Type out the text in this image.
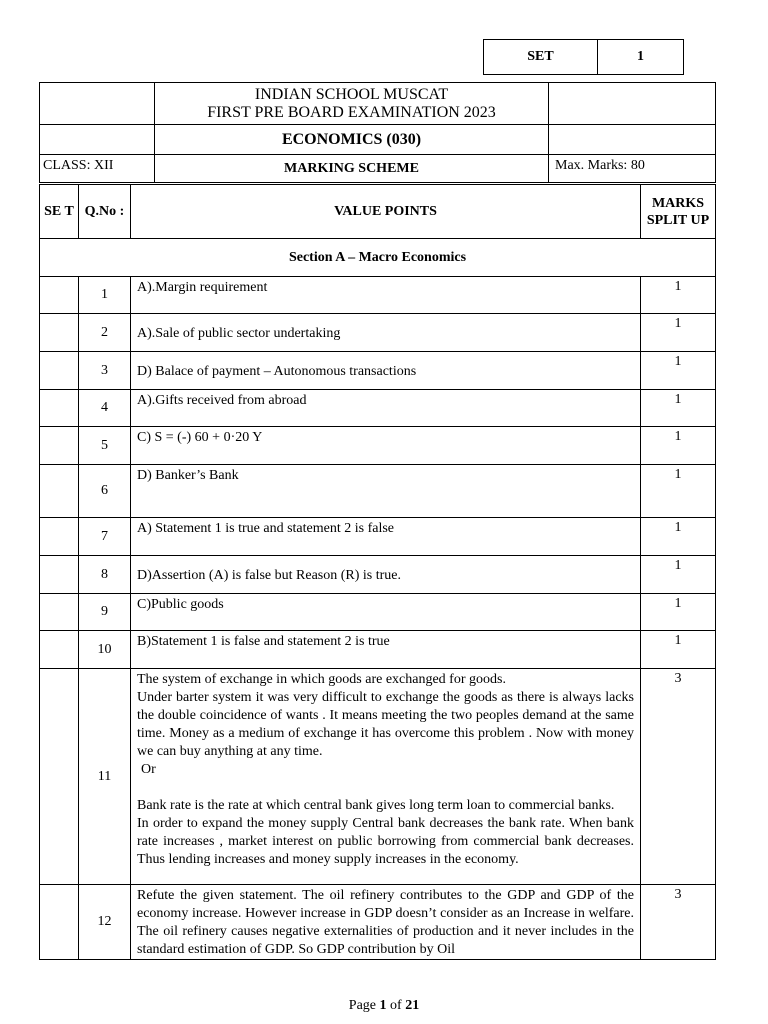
SET	1

	INDIAN SCHOOL MUSCAT
FIRST PRE BOARD EXAMINATION 2023	

	ECONOMICS (030)	
CLASS: XII	MARKING SCHEME	Max. Marks: 80
SE T	Q.No :	VALUE POINTS	MARKS SPLIT UP
Section A – Macro Economics			
	1	A).Margin requirement	1
	2	A).Sale of public sector undertaking	1
	3	D) Balace of payment – Autonomous transactions	1
	4	A).Gifts received from abroad	1
	5	C) S = (-) 60 + 0·20 Y	1
	6	D) Banker’s Bank	1
	7	A) Statement 1 is true and statement 2 is false	1
	8	D)Assertion (A) is false but Reason (R) is true.	1
	9	C)Public goods	1
	10	B)Statement 1 is false and statement 2 is true	1
	11	The system of exchange in which goods are exchanged for goods.
Under barter system it was very difficult to exchange the goods as there is always lacks the double coincidence of wants . It means meeting the two peoples demand at the same time. Money as a medium of exchange it has overcome this problem . Now with money we can buy anything at any time.
Or
Bank rate is the rate at which central bank gives long term loan to commercial banks.
In order to expand the money supply Central bank decreases the bank rate. When bank rate increases , market interest on public borrowing from commercial bank decreases. Thus lending increases and money supply increases in the economy.	3
	12	Refute the given statement. The oil refinery contributes to the GDP and GDP of the economy increase. However increase in GDP doesn’t consider as an Increase in welfare. The oil refinery causes negative externalities of production and it never includes in the standard estimation of GDP. So GDP contribution by Oil	3
Page 1 of 21
